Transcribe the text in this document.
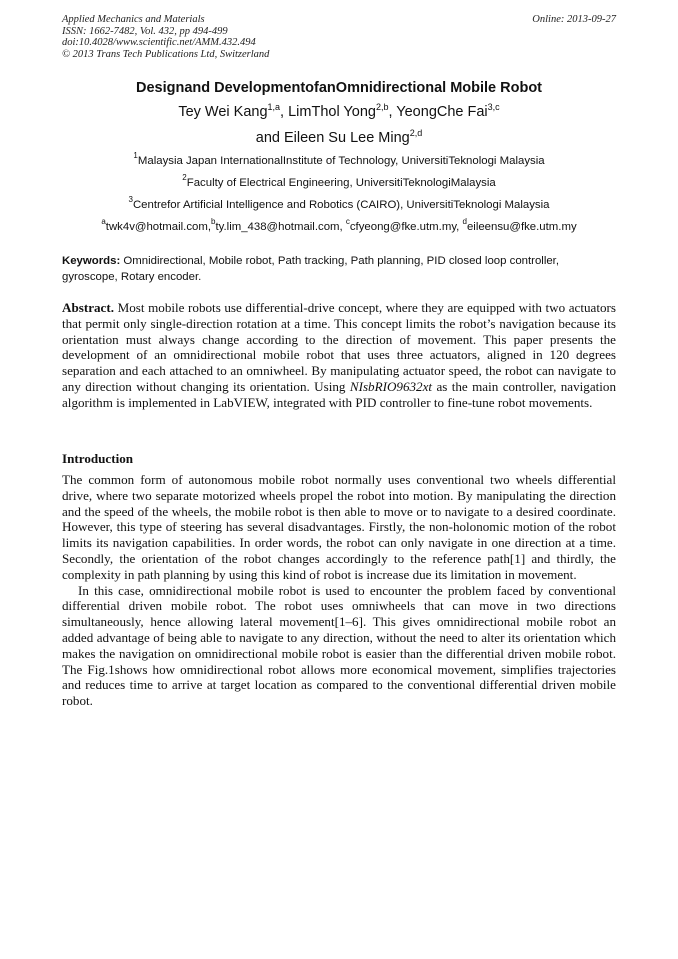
Applied Mechanics and Materials
ISSN: 1662-7482, Vol. 432, pp 494-499
doi:10.4028/www.scientific.net/AMM.432.494
© 2013 Trans Tech Publications Ltd, Switzerland
Online: 2013-09-27
Designand DevelopmentofanOmnidirectional Mobile Robot
Tey Wei Kang$^{1,a}$, LimThol Yong$^{2,b}$, YeongChe Fai$^{3,c}$
and Eileen Su Lee Ming$^{2,d}$
$^1$Malaysia Japan InternationalInstitute of Technology, UniversitiTeknologi Malaysia
$^2$Faculty of Electrical Engineering, UniversitiTeknologiMalaysia
$^3$Centrefor Artificial Intelligence and Robotics (CAIRO), UniversitiTeknologi Malaysia
$^a$twk4v@hotmail.com,$^b$ty.lim_438@hotmail.com, $^c$cfyeong@fke.utm.my, $^d$eileensu@fke.utm.my
Keywords: Omnidirectional, Mobile robot, Path tracking, Path planning, PID closed loop controller, gyroscope, Rotary encoder.

Abstract. Most mobile robots use differential-drive concept, where they are equipped with two actuators that permit only single-direction rotation at a time. This concept limits the robot’s navigation because its orientation must always change according to the direction of movement. This paper presents the development of an omnidirectional mobile robot that uses three actuators, aligned in 120 degrees separation and each attached to an omniwheel. By manipulating actuator speed, the robot can navigate to any direction without changing its orientation. Using NIsbRIO9632xt as the main controller, navigation algorithm is implemented in LabVIEW, integrated with PID controller to fine-tune robot movements.

Introduction

The common form of autonomous mobile robot normally uses conventional two wheels differential drive, where two separate motorized wheels propel the robot into motion. By manipulating the direction and the speed of the wheels, the mobile robot is then able to move or to navigate to a desired coordinate. However, this type of steering has several disadvantages. Firstly, the non-holonomic motion of the robot limits its navigation capabilities. In order words, the robot can only navigate in one direction at a time. Secondly, the orientation of the robot changes accordingly to the reference path[1] and thirdly, the complexity in path planning by using this kind of robot is increase due its limitation in movement.

In this case, omnidirectional mobile robot is used to encounter the problem faced by conventional differential driven mobile robot. The robot uses omniwheels that can move in two directions simultaneously, hence allowing lateral movement[1–6]. This gives omnidirectional mobile robot an added advantage of being able to navigate to any direction, without the need to alter its orientation which makes the navigation on omnidirectional mobile robot is easier than the differential driven mobile robot. The Fig.1shows how omnidirectional robot allows more economical movement, simplifies trajectories and reduces time to arrive at target location as compared to the conventional differential driven mobile robot.
